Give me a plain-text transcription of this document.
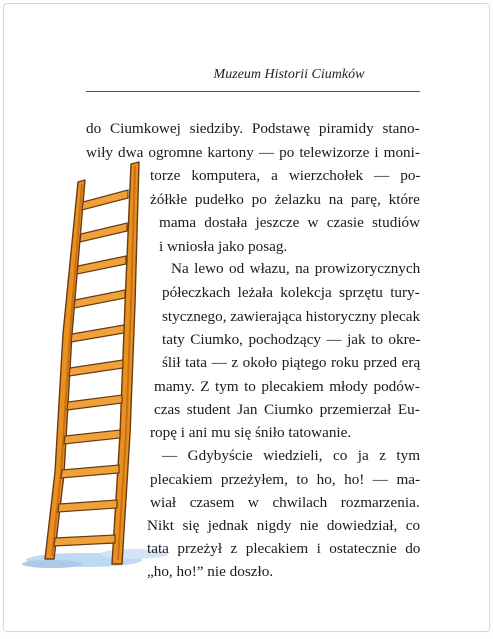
Muzeum Historii Ciumków
do Ciumkowej siedziby. Podstawę piramidy stano-
wiły dwa ogromne kartony — po telewizorze i moni-
torze komputera, a wierzchołek — po-
żółkłe pudełko po żelazku na parę, które
mama dostała jeszcze w czasie studiów
i wniosła jako posag.
Na lewo od włazu, na prowizorycznych
półeczkach leżała kolekcja sprzętu tury-
stycznego, zawierająca historyczny plecak
taty Ciumko, pochodzący — jak to okre-
ślił tata — z około piątego roku przed erą
mamy. Z tym to plecakiem młody podów-
czas student Jan Ciumko przemierzał Eu-
ropę i ani mu się śniło tatowanie.
— Gdybyście wiedzieli, co ja z tym
plecakiem przeżyłem, to ho, ho! — ma-
wiał czasem w chwilach rozmarzenia.
Nikt się jednak nigdy nie dowiedział, co
tata przeżył z plecakiem i ostatecznie do
„ho, ho!” nie doszło.
